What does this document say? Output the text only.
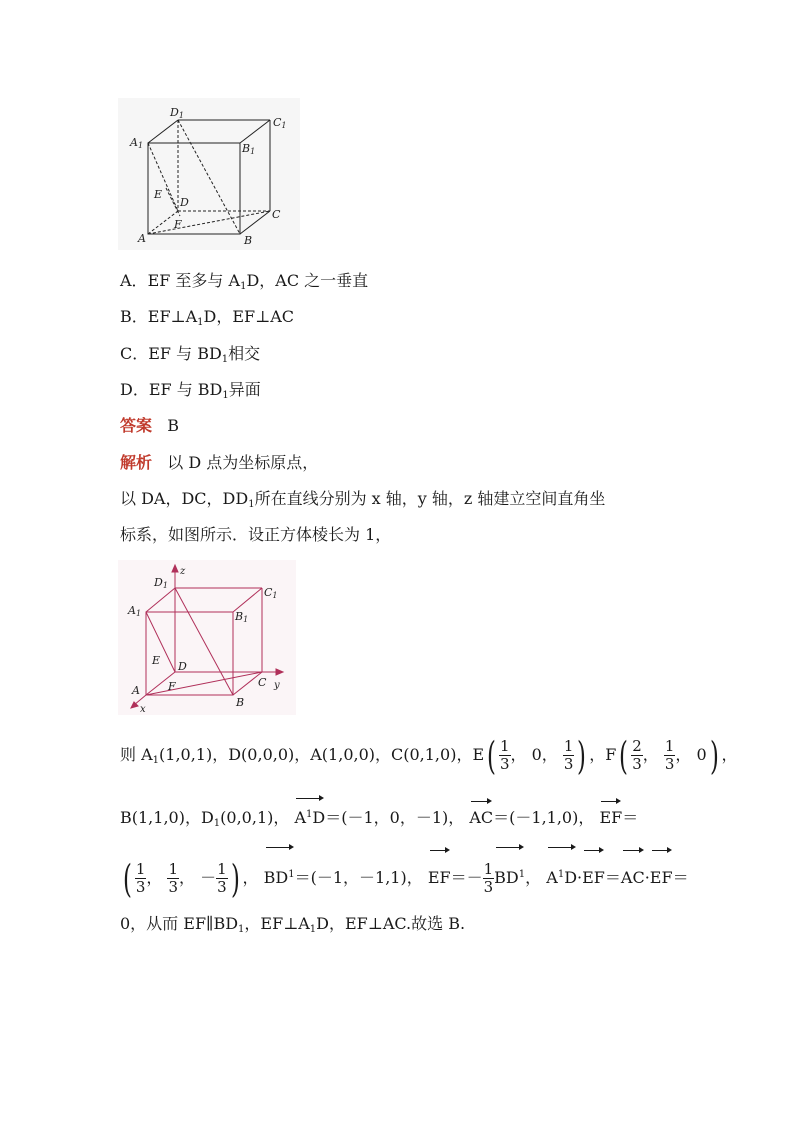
D1
C1
A1	B1
E
D
C
F
A	B
A．EF 至多与 $A_1D$，AC 之一垂直
B．$EF\perp A_1D$，EF⊥AC
C．EF 与 $BD_1$相交
D．EF 与 $BD_1$异面
答案 B
解析 以 D 点为坐标原点，
以 DA，DC，$DD_1$所在直线分别为 x 轴，y 轴，z 轴建立空间直角坐
标系，如图所示．设正方体棱长为 1，
z
y
x
D1
C1
A1	B1
E D
C
F
A
B
则 $A_1(1,0,1)$，D(0,0,0)，A(1,0,0)，C(0,1,0)，$E( \frac{1}{3}$ ， 0， $\frac{1}{3}$ ) ，$F( \frac{2}{3}$ ， $\frac{1}{3}$ ， 0) ，
B(1,1,0)，$D_1(0,0,1)$， $A^1D=(-1$，0，－1)， AC＝(－1,1,0)， EF＝
( $\frac{1}{3}$ ， $\frac{1}{3}$ ， － $\frac{1}{3}$ ) ， $BD^1=(-1$，－1,1)， $EF=- \frac{1}{3} BD^1$， $A^1D\cdot$
EF＝
AC·
EF＝
0，从而 $EF\parallel BD_1$，$EF\perp A_1D$，EF⊥AC.故选 B.
